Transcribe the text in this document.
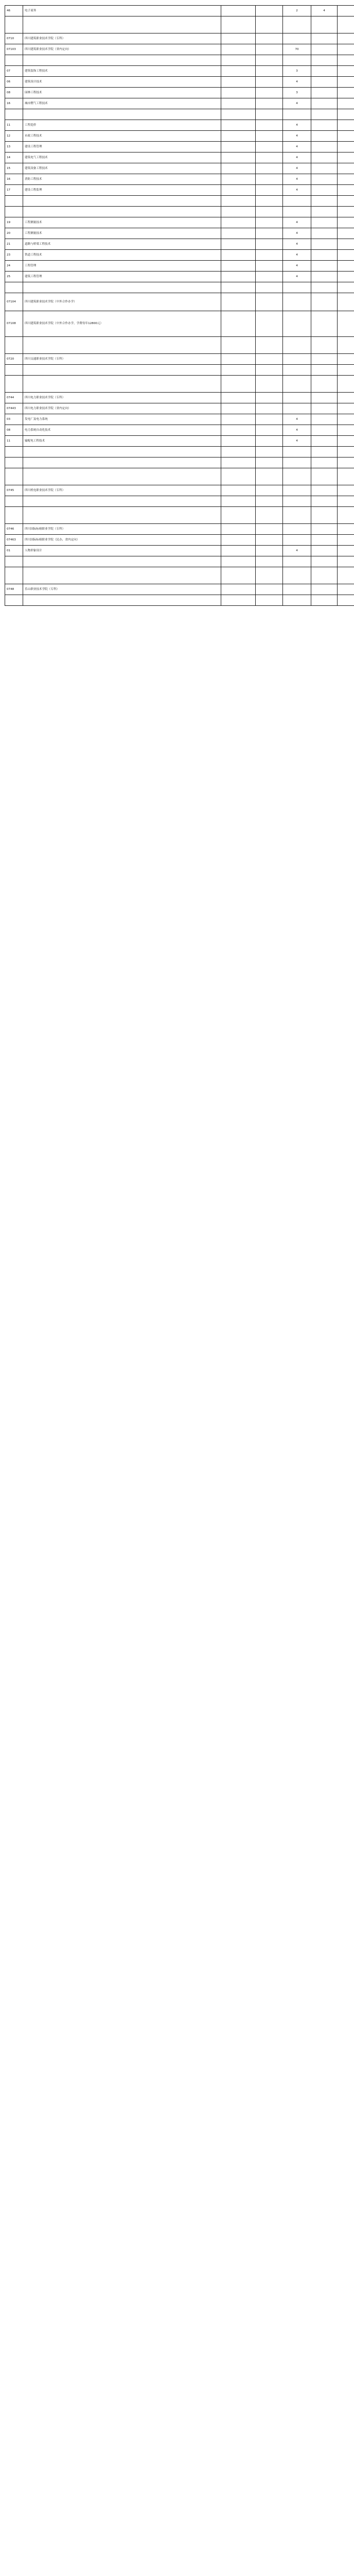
46	电子商务			2	4	

0710	四川建筑职业技术学院（专科）					
07103	四川建筑职业技术学院（省内定向）			70		

07	建筑装饰工程技术			3		
06	建筑设计技术			4		
08	园林工程技术			3		
16	城市燃气工程技术			4		

11	工程造价			4		
12	市政工程技术			4		
13	建设工程管理			4		
14	建筑电气工程技术			4		
15	建筑设备工程技术			4		
16	消防工程技术			4		
17	建设工程监理			4		

19	工程测量技术			4		
20	工程测量技术			4		
21	道路与桥梁工程技术			4		
23	铁道工程技术			4		
24	工程管理			4		
25	建筑工程管理			4		

07104	四川建筑职业技术学院（中外合作办学）					
07108	四川建筑职业技术学院（中外合作办学，学费每年12800元）					

0720	四川交通职业技术学院（专科）					

0744	四川电力职业技术学院（专科）					
07443	四川电力职业技术学院（省内定向）					
03	发电厂及电力系统			4		
08	电力系统自动化技术			4		
11	输配电工程技术			4		

0745	四川机电职业技术学院（专科）					

0746	四川国际标榜职业学院（专科）					
07463	四川国际标榜职业学院（民办，省内定向）					
01	人物形象设计			4		

0748	乐山职业技术学院（专科）					
